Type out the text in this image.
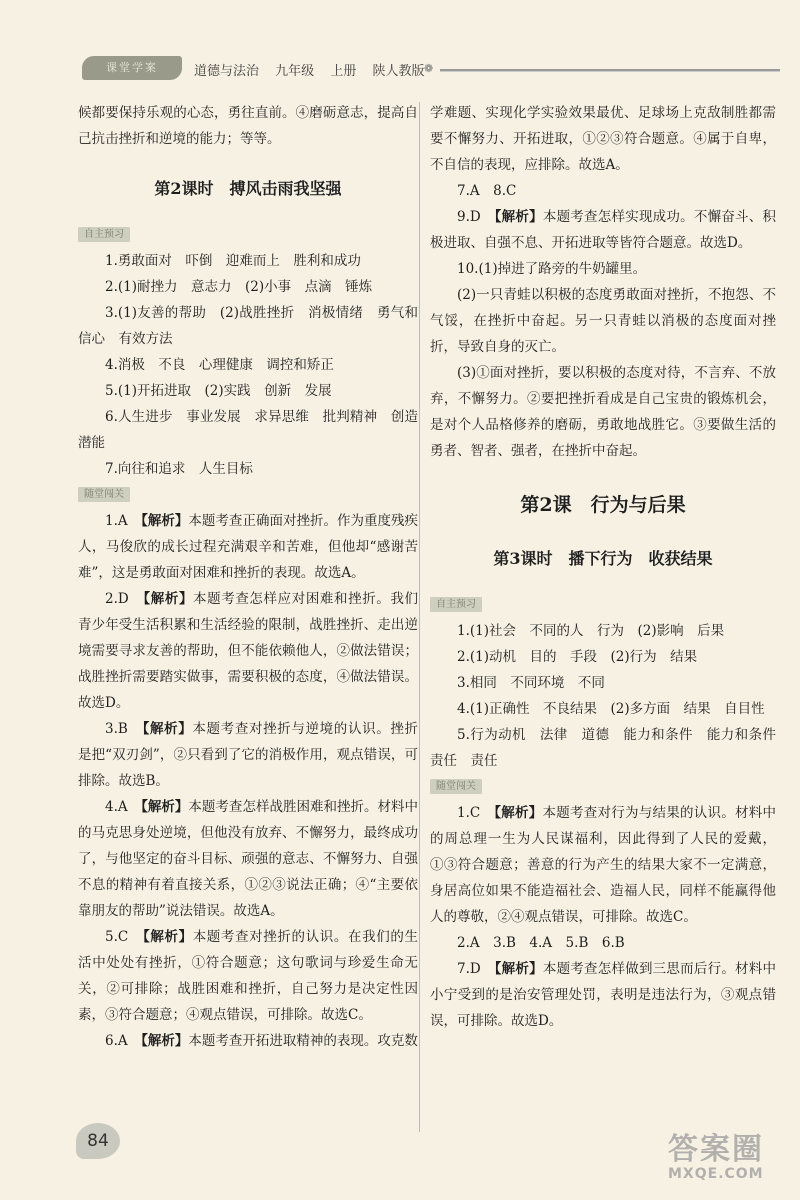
课堂学案	道德与法治 九年级 上册 陕人教版 ❁

候都要保持乐观的心态，勇往直前。④磨砺意志，提高自己抗击挫折和逆境的能力；等等。

第2课时　搏风击雨我坚强
自主预习

1.勇敢面对　吓倒　迎难而上　胜利和成功

2.(1)耐挫力　意志力　(2)小事　点滴　锤炼

3.(1)友善的帮助　(2)战胜挫折　消极情绪　勇气和信心　有效方法

4.消极　不良　心理健康　调控和矫正

5.(1)开拓进取　(2)实践　创新　发展

6.人生进步　事业发展　求异思维　批判精神　创造潜能

7.向往和追求　人生目标

随堂闯关

1.A　【解析】本题考查正确面对挫折。作为重度残疾人，马俊欣的成长过程充满艰辛和苦难，但他却“感谢苦难”，这是勇敢面对困难和挫折的表现。故选A。

2.D　【解析】本题考查怎样应对困难和挫折。我们青少年受生活积累和生活经验的限制，战胜挫折、走出逆境需要寻求友善的帮助，但不能依赖他人，②做法错误；战胜挫折需要踏实做事，需要积极的态度，④做法错误。故选D。

3.B　【解析】本题考查对挫折与逆境的认识。挫折是把“双刃剑”，②只看到了它的消极作用，观点错误，可排除。故选B。

4.A　【解析】本题考查怎样战胜困难和挫折。材料中的马克思身处逆境，但他没有放弃、不懈努力，最终成功了，与他坚定的奋斗目标、顽强的意志、不懈努力、自强不息的精神有着直接关系，①②③说法正确；④“主要依靠朋友的帮助”说法错误。故选A。

5.C　【解析】本题考查对挫折的认识。在我们的生活中处处有挫折，①符合题意；这句歌词与珍爱生命无关，②可排除；战胜困难和挫折，自己努力是决定性因素，③符合题意；④观点错误，可排除。故选C。

6.A　【解析】本题考查开拓进取精神的表现。攻克数

学难题、实现化学实验效果最优、足球场上克敌制胜都需要不懈努力、开拓进取，①②③符合题意。④属于自卑，不自信的表现，应排除。故选A。

7.A　8.C

9.D　【解析】本题考查怎样实现成功。不懈奋斗、积极进取、自强不息、开拓进取等皆符合题意。故选D。

10.(1)掉进了路旁的牛奶罐里。

(2)一只青蛙以积极的态度勇敢面对挫折，不抱怨、不气馁，在挫折中奋起。另一只青蛙以消极的态度面对挫折，导致自身的灭亡。

(3)①面对挫折，要以积极的态度对待，不言弃、不放弃，不懈努力。②要把挫折看成是自己宝贵的锻炼机会，是对个人品格修养的磨砺，勇敢地战胜它。③要做生活的勇者、智者、强者，在挫折中奋起。

第2课　行为与后果
第3课时　播下行为　收获结果
自主预习

1.(1)社会　不同的人　行为　(2)影响　后果

2.(1)动机　目的　手段　(2)行为　结果

3.相同　不同环境　不同

4.(1)正确性　不良结果　(2)多方面　结果　自目性

5.行为动机　法律　道德　能力和条件　能力和条件　责任　责任

随堂闯关

1.C　【解析】本题考查对行为与结果的认识。材料中的周总理一生为人民谋福利，因此得到了人民的爱戴，①③符合题意；善意的行为产生的结果大家不一定满意，身居高位如果不能造福社会、造福人民，同样不能赢得他人的尊敬，②④观点错误，可排除。故选C。

2.A　3.B　4.A　5.B　6.B

7.D　【解析】本题考查怎样做到三思而后行。材料中小宁受到的是治安管理处罚，表明是违法行为，③观点错误，可排除。故选D。

84	答案圈
MXQE.COM
